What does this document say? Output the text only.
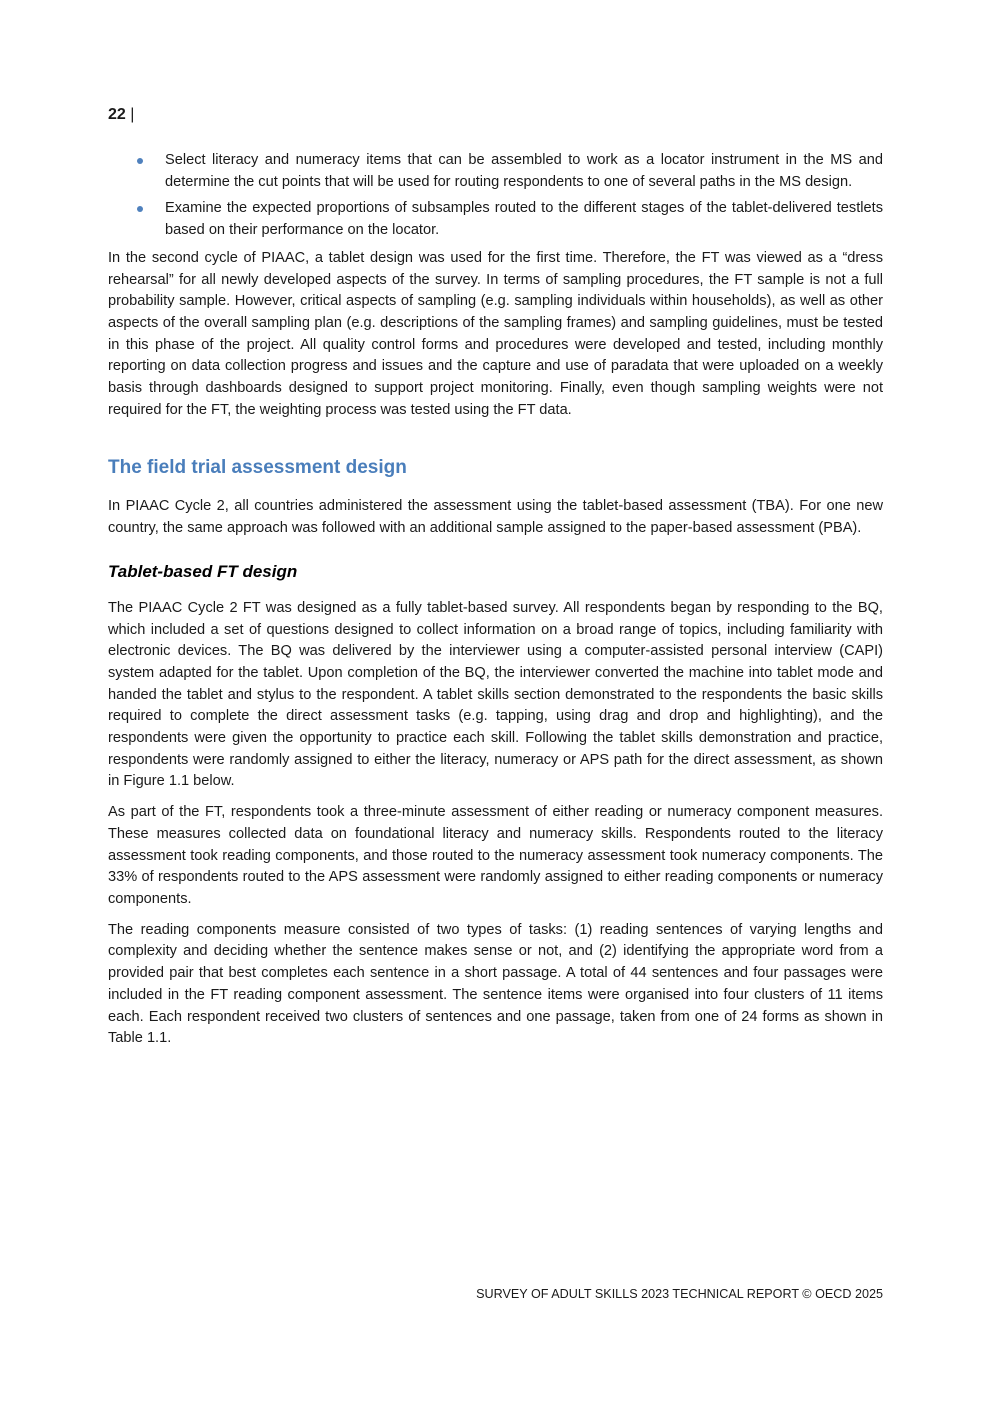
22 |
Select literacy and numeracy items that can be assembled to work as a locator instrument in the MS and determine the cut points that will be used for routing respondents to one of several paths in the MS design.
Examine the expected proportions of subsamples routed to the different stages of the tablet-delivered testlets based on their performance on the locator.

In the second cycle of PIAAC, a tablet design was used for the first time. Therefore, the FT was viewed as a “dress rehearsal” for all newly developed aspects of the survey. In terms of sampling procedures, the FT sample is not a full probability sample. However, critical aspects of sampling (e.g. sampling individuals within households), as well as other aspects of the overall sampling plan (e.g. descriptions of the sampling frames) and sampling guidelines, must be tested in this phase of the project. All quality control forms and procedures were developed and tested, including monthly reporting on data collection progress and issues and the capture and use of paradata that were uploaded on a weekly basis through dashboards designed to support project monitoring. Finally, even though sampling weights were not required for the FT, the weighting process was tested using the FT data.

The field trial assessment design

In PIAAC Cycle 2, all countries administered the assessment using the tablet-based assessment (TBA). For one new country, the same approach was followed with an additional sample assigned to the paper-based assessment (PBA).

Tablet-based FT design

The PIAAC Cycle 2 FT was designed as a fully tablet-based survey. All respondents began by responding to the BQ, which included a set of questions designed to collect information on a broad range of topics, including familiarity with electronic devices. The BQ was delivered by the interviewer using a computer-assisted personal interview (CAPI) system adapted for the tablet. Upon completion of the BQ, the interviewer converted the machine into tablet mode and handed the tablet and stylus to the respondent. A tablet skills section demonstrated to the respondents the basic skills required to complete the direct assessment tasks (e.g. tapping, using drag and drop and highlighting), and the respondents were given the opportunity to practice each skill. Following the tablet skills demonstration and practice, respondents were randomly assigned to either the literacy, numeracy or APS path for the direct assessment, as shown in Figure 1.1 below.

As part of the FT, respondents took a three-minute assessment of either reading or numeracy component measures. These measures collected data on foundational literacy and numeracy skills. Respondents routed to the literacy assessment took reading components, and those routed to the numeracy assessment took numeracy components. The 33% of respondents routed to the APS assessment were randomly assigned to either reading components or numeracy components.

The reading components measure consisted of two types of tasks: (1) reading sentences of varying lengths and complexity and deciding whether the sentence makes sense or not, and (2) identifying the appropriate word from a provided pair that best completes each sentence in a short passage. A total of 44 sentences and four passages were included in the FT reading component assessment. The sentence items were organised into four clusters of 11 items each. Each respondent received two clusters of sentences and one passage, taken from one of 24 forms as shown in Table 1.1.

SURVEY OF ADULT SKILLS 2023 TECHNICAL REPORT © OECD 2025
